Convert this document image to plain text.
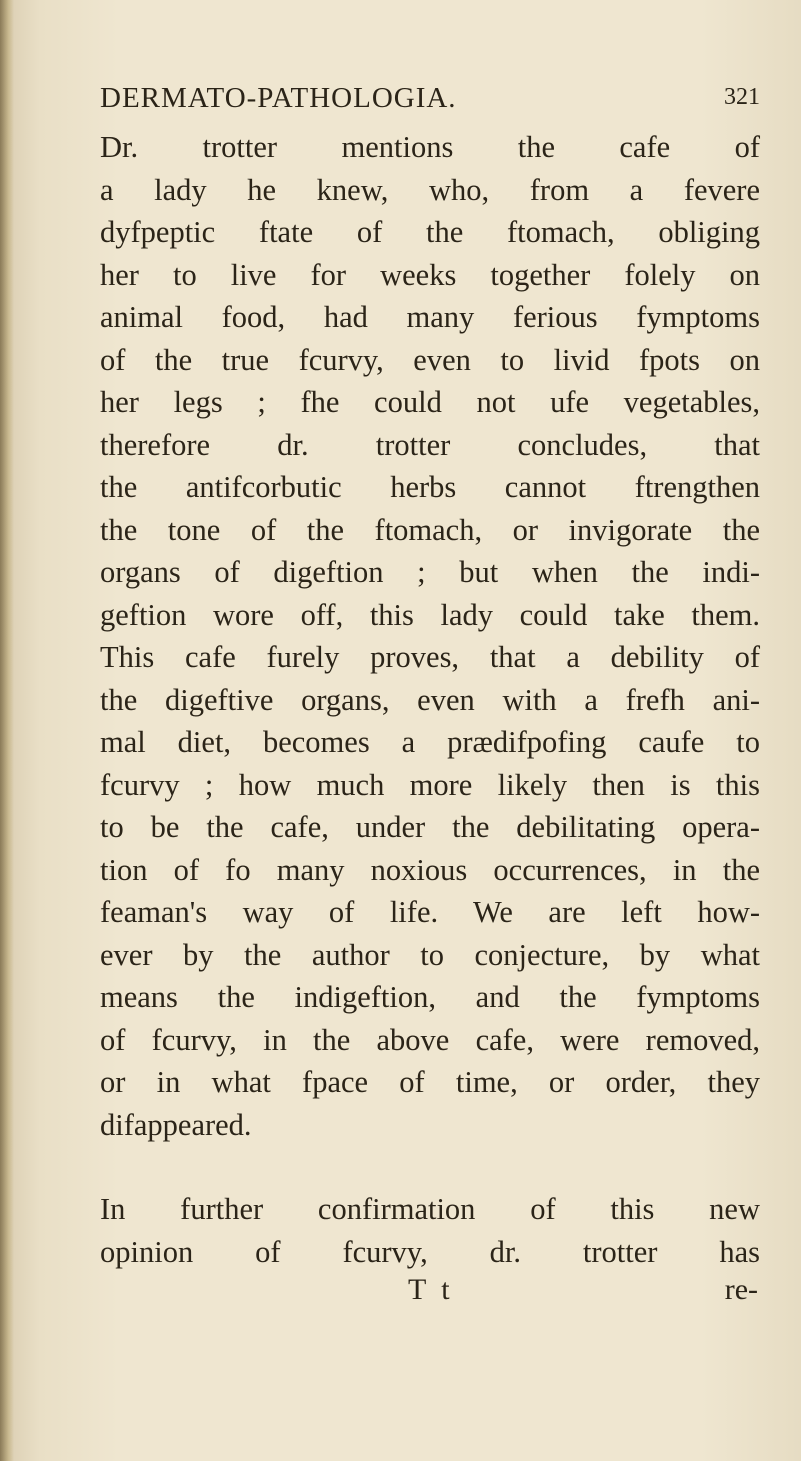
DERMATO-PATHOLOGIA.	321

Dr. trotter mentions the cafe of
a lady he knew, who, from a fevere
dyfpeptic ftate of the ftomach, obliging
her to live for weeks together folely on
animal food, had many ferious fymptoms
of the true fcurvy, even to livid fpots on
her legs ; fhe could not ufe vegetables,
therefore dr. trotter concludes, that
the antifcorbutic herbs cannot ftrengthen
the tone of the ftomach, or invigorate the
organs of digeftion ; but when the indi-
geftion wore off, this lady could take them.
This cafe furely proves, that a debility of
the digeftive organs, even with a frefh ani-
mal diet, becomes a prædifpofing caufe to
fcurvy ; how much more likely then is this
to be the cafe, under the debilitating opera-
tion of fo many noxious occurrences, in the
feaman's way of life. We are left how-
ever by the author to conjecture, by what
means the indigeftion, and the fymptoms
of fcurvy, in the above cafe, were removed,
or in what fpace of time, or order, they
difappeared.

In further confirmation of this new
opinion of fcurvy, dr. trotter has

T t	re-
